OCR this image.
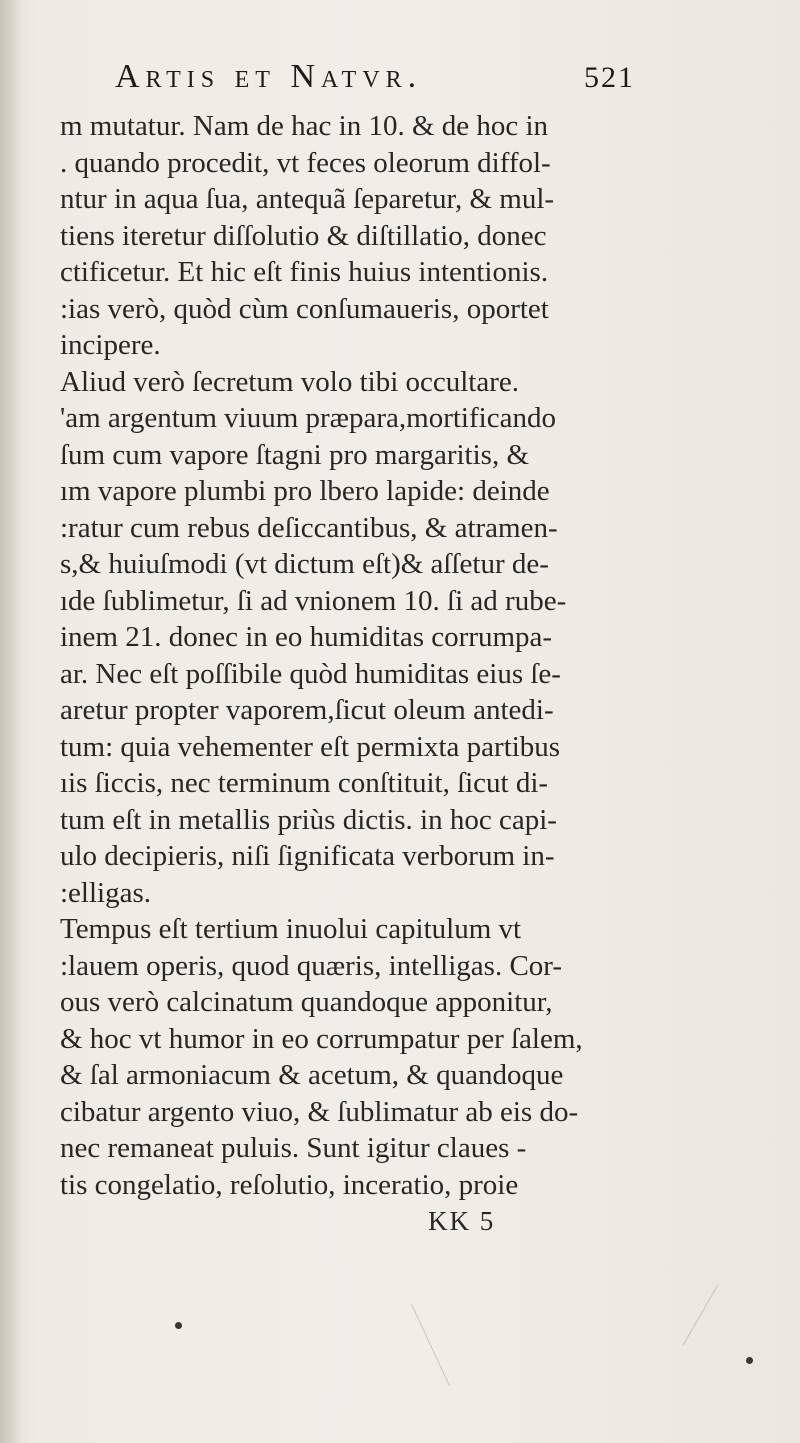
Artis et Natvr.	521
m mutatur. Nam de hac in 10. & de hoc in
. quando procedit, vt feces oleorum diffol-
ntur in aqua ſua, antequã ſeparetur, & mul-
tiens iteretur diſſolutio & diſtillatio, donec
ctificetur. Et hic eſt finis huius intentionis.
:ias verò, quòd cùm conſumaueris, oportet
incipere.
Aliud verò ſecretum volo tibi occultare.
'am argentum viuum præpara,mortificando
ſum cum vapore ſtagni pro margaritis, &
ım vapore plumbi pro lbero lapide: deinde
:ratur cum rebus deſiccantibus, & atramen-
s,& huiuſmodi (vt dictum eſt)& aſſetur de-
ıde ſublimetur, ſi ad vnionem 10. ſi ad rube-
inem 21. donec in eo humiditas corrumpa-
ar. Nec eſt poſſibile quòd humiditas eius ſe-
aretur propter vaporem,ſicut oleum antedi-
tum: quia vehementer eſt permixta partibus
ıis ſiccis, nec terminum conſtituit, ſicut di-
tum eſt in metallis priùs dictis. in hoc capi-
ulo decipieris, niſi ſignificata verborum in-
:elligas.
Tempus eſt tertium inuolui capitulum vt
:lauem operis, quod quæris, intelligas. Cor-
ous verò calcinatum quandoque apponitur,
& hoc vt humor in eo corrumpatur per ſalem,
& ſal armoniacum & acetum, & quandoque
cibatur argento viuo, & ſublimatur ab eis do-
nec remaneat puluis. Sunt igitur claues -
tis congelatio, reſolutio, inceratio, proie
KK 5
